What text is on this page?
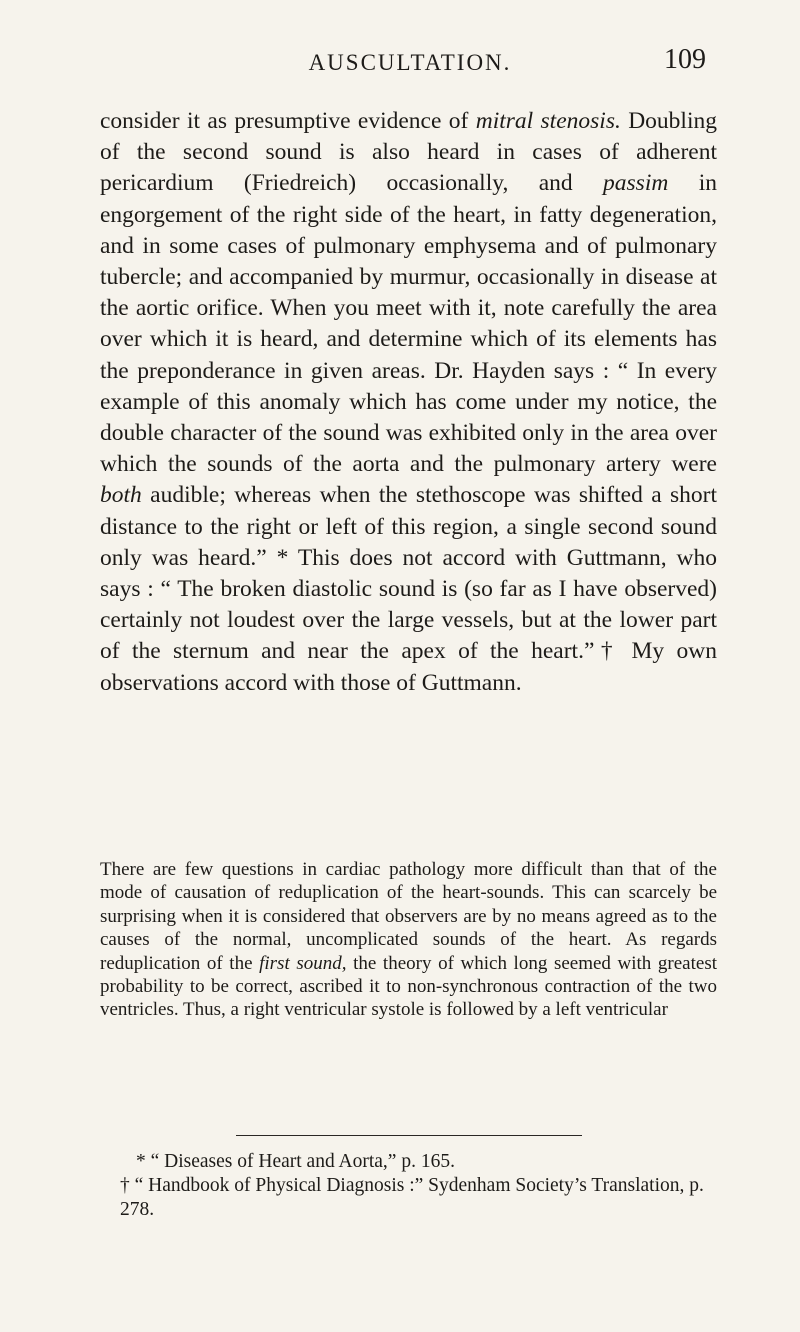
AUSCULTATION.	109

consider it as presumptive evidence of mitral stenosis. Doubling of the second sound is also heard in cases of adherent pericardium (Friedreich) occasionally, and passim in engorgement of the right side of the heart, in fatty degeneration, and in some cases of pulmonary emphysema and of pulmonary tubercle; and accompanied by murmur, occasionally in disease at the aortic orifice. When you meet with it, note carefully the area over which it is heard, and determine which of its elements has the preponderance in given areas. Dr. Hayden says : “ In every example of this anomaly which has come under my notice, the double character of the sound was exhibited only in the area over which the sounds of the aorta and the pulmonary artery were both audible; whereas when the stethoscope was shifted a short distance to the right or left of this region, a single second sound only was heard.” * This does not accord with Guttmann, who says : “ The broken diastolic sound is (so far as I have observed) certainly not loudest over the large vessels, but at the lower part of the sternum and near the apex of the heart.”† My own observations accord with those of Guttmann.

There are few questions in cardiac pathology more difficult than that of the mode of causation of reduplication of the heart-sounds. This can scarcely be surprising when it is considered that observers are by no means agreed as to the causes of the normal, uncomplicated sounds of the heart. As regards reduplication of the first sound, the theory of which long seemed with greatest probability to be correct, ascribed it to non-synchronous contraction of the two ventricles. Thus, a right ventricular systole is followed by a left ventricular

* “ Diseases of Heart and Aorta,” p. 165.

† “ Handbook of Physical Diagnosis :” Sydenham Society’s Translation, p. 278.
